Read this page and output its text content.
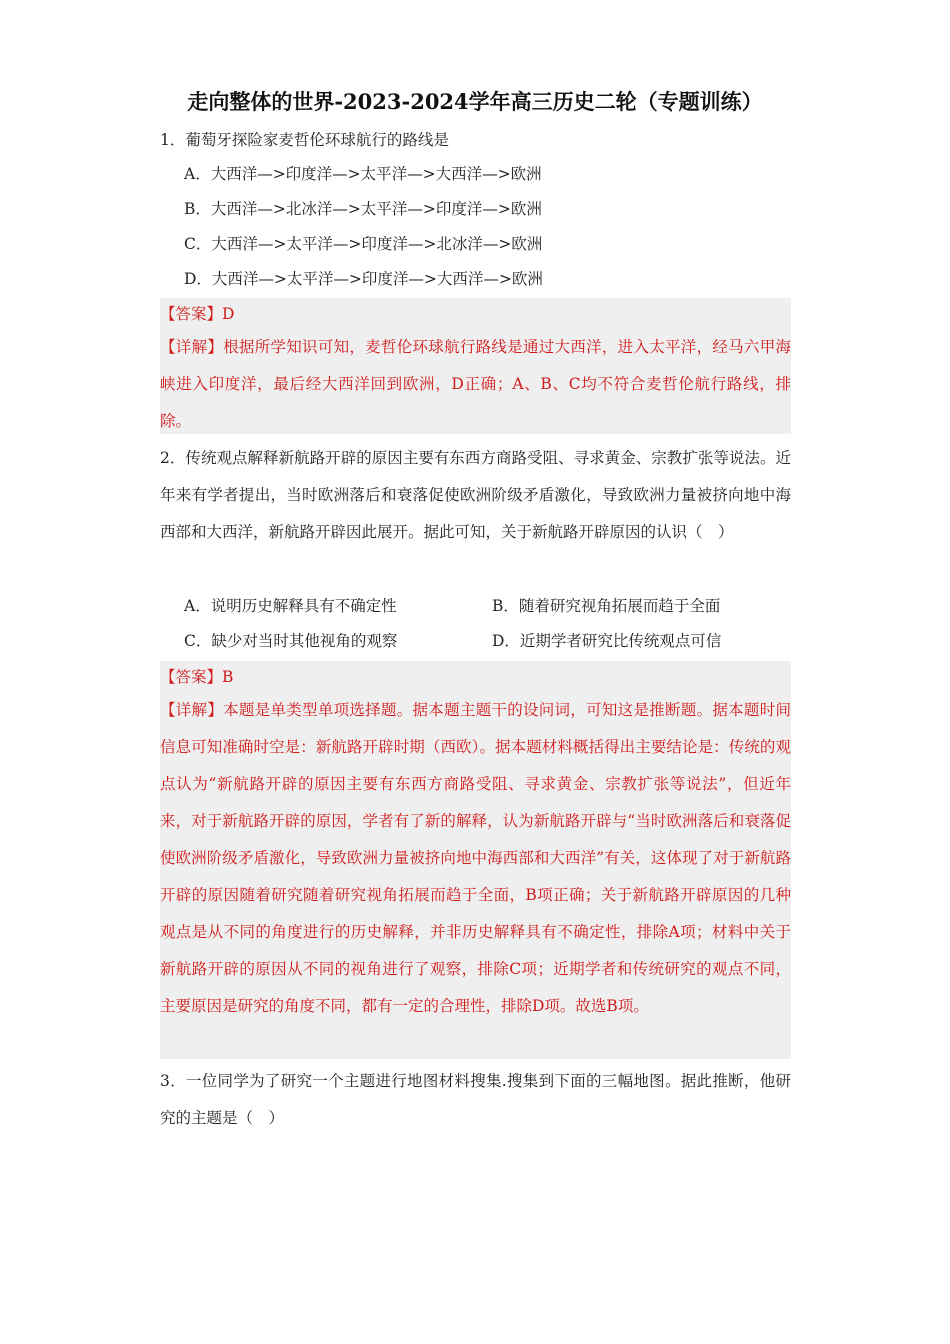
走向整体的世界-2023-2024学年高三历史二轮（专题训练）
1．葡萄牙探险家麦哲伦环球航行的路线是
A．大西洋—>印度洋—>太平洋—>大西洋—>欧洲
B．大西洋—>北冰洋—>太平洋—>印度洋—>欧洲
C．大西洋—>太平洋—>印度洋—>北冰洋—>欧洲
D．大西洋—>太平洋—>印度洋—>大西洋—>欧洲
【答案】D
【详解】根据所学知识可知，麦哲伦环球航行路线是通过大西洋，进入太平洋，经马六甲海峡进入印度洋，最后经大西洋回到欧洲，D正确；A、B、C均不符合麦哲伦航行路线，排除。
2．传统观点解释新航路开辟的原因主要有东西方商路受阻、寻求黄金、宗教扩张等说法。近年来有学者提出，当时欧洲落后和衰落促使欧洲阶级矛盾激化，导致欧洲力量被挤向地中海西部和大西洋，新航路开辟因此展开。据此可知，关于新航路开辟原因的认识（　）
A．说明历史解释具有不确定性	B．随着研究视角拓展而趋于全面
C．缺少对当时其他视角的观察	D．近期学者研究比传统观点可信
【答案】B
【详解】本题是单类型单项选择题。据本题主题干的设问词，可知这是推断题。据本题时间信息可知准确时空是：新航路开辟时期（西欧）。据本题材料概括得出主要结论是：传统的观点认为“新航路开辟的原因主要有东西方商路受阻、寻求黄金、宗教扩张等说法”，但近年来，对于新航路开辟的原因，学者有了新的解释，认为新航路开辟与“当时欧洲落后和衰落促使欧洲阶级矛盾激化，导致欧洲力量被挤向地中海西部和大西洋”有关，这体现了对于新航路开辟的原因随着研究随着研究视角拓展而趋于全面，B项正确；关于新航路开辟原因的几种观点是从不同的角度进行的历史解释，并非历史解释具有不确定性，排除A项；材料中关于新航路开辟的原因从不同的视角进行了观察，排除C项；近期学者和传统研究的观点不同，主要原因是研究的角度不同，都有一定的合理性，排除D项。故选B项。
3．一位同学为了研究一个主题进行地图材料搜集.搜集到下面的三幅地图。据此推断，他研究的主题是（　）
